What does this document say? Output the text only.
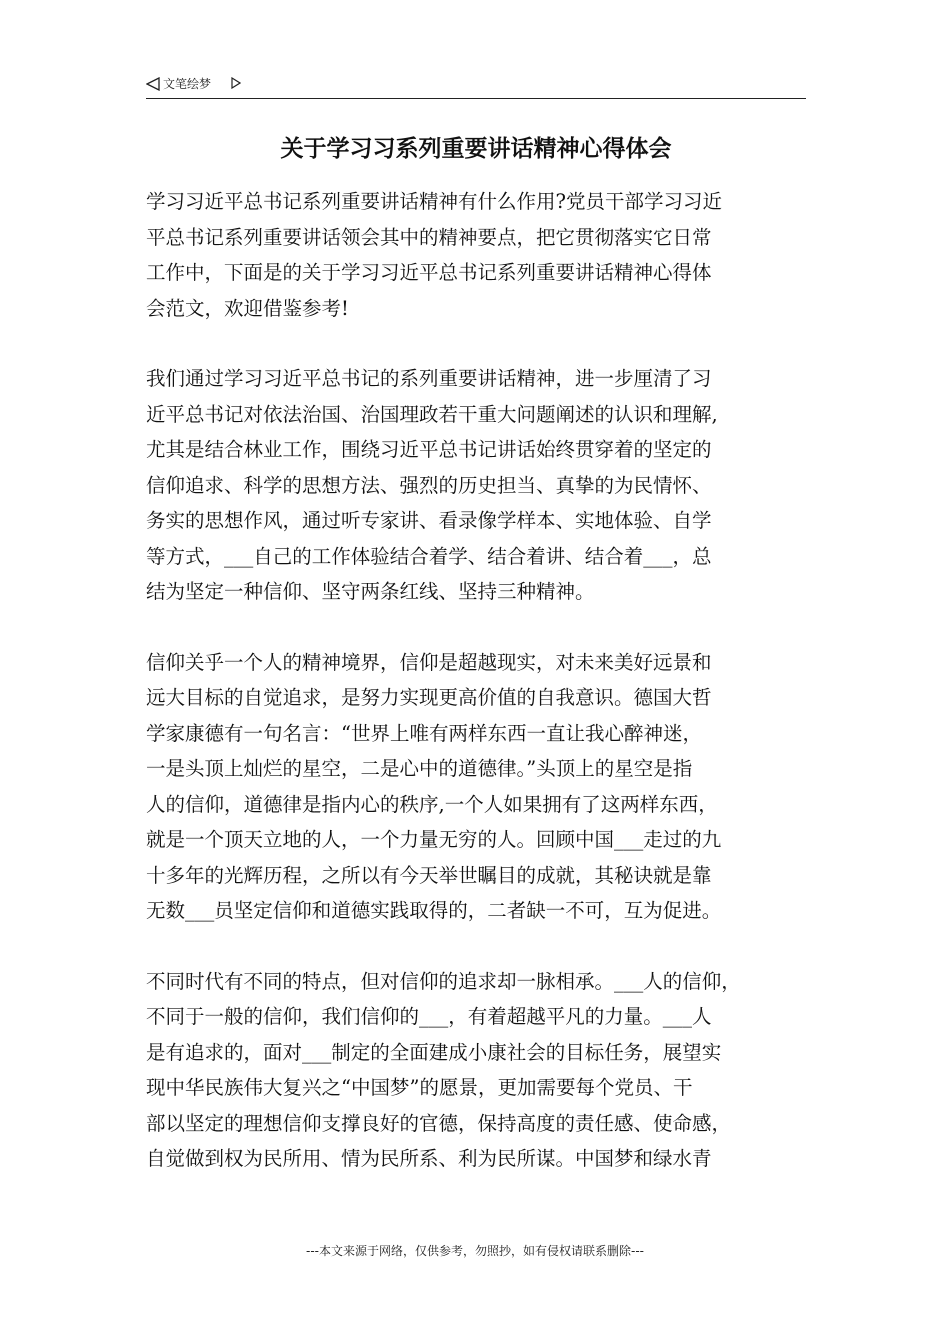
文笔绘梦
关于学习习系列重要讲话精神心得体会
学习习近平总书记系列重要讲话精神有什么作用?党员干部学习习近
平总书记系列重要讲话领会其中的精神要点，把它贯彻落实它日常
工作中，下面是的关于学习习近平总书记系列重要讲话精神心得体
会范文，欢迎借鉴参考!
我们通过学习习近平总书记的系列重要讲话精神，进一步厘清了习
近平总书记对依法治国、治国理政若干重大问题阐述的认识和理解,
尤其是结合林业工作，围绕习近平总书记讲话始终贯穿着的坚定的
信仰追求、科学的思想方法、强烈的历史担当、真挚的为民情怀、
务实的思想作风，通过听专家讲、看录像学样本、实地体验、自学
等方式，___自己的工作体验结合着学、结合着讲、结合着___，总
结为坚定一种信仰、坚守两条红线、坚持三种精神。
信仰关乎一个人的精神境界，信仰是超越现实，对未来美好远景和
远大目标的自觉追求，是努力实现更高价值的自我意识。德国大哲
学家康德有一句名言：“世界上唯有两样东西一直让我心醉神迷，
一是头顶上灿烂的星空，二是心中的道德律。”头顶上的星空是指
人的信仰，道德律是指内心的秩序,一个人如果拥有了这两样东西，
就是一个顶天立地的人，一个力量无穷的人。回顾中国___走过的九
十多年的光辉历程，之所以有今天举世瞩目的成就，其秘诀就是靠
无数___员坚定信仰和道德实践取得的，二者缺一不可，互为促进。
不同时代有不同的特点，但对信仰的追求却一脉相承。___人的信仰，
不同于一般的信仰，我们信仰的___，有着超越平凡的力量。___人
是有追求的，面对___制定的全面建成小康社会的目标任务，展望实
现中华民族伟大复兴之“中国梦”的愿景，更加需要每个党员、干
部以坚定的理想信仰支撑良好的官德，保持高度的责任感、使命感，
自觉做到权为民所用、情为民所系、利为民所谋。中国梦和绿水青
---本文来源于网络，仅供参考，勿照抄，如有侵权请联系删除---
